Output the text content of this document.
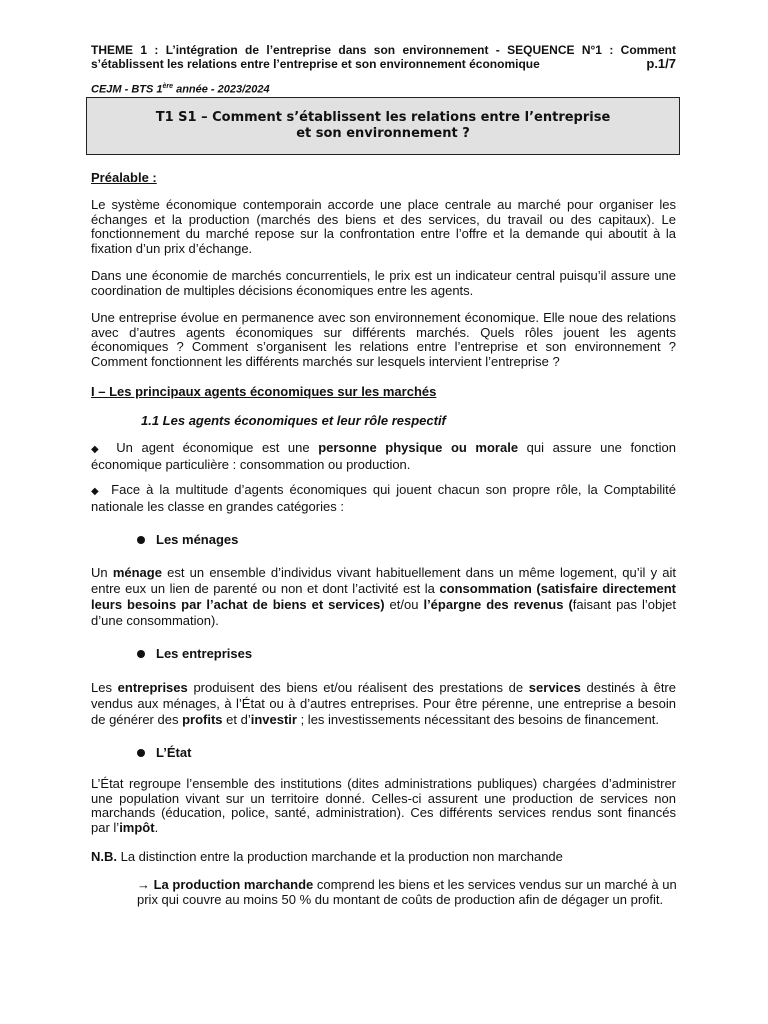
THEME 1 : L’intégration de l’entreprise dans son environnement - SEQUENCE N°1 : Comment
s’établissent les relations entre l’entreprise et son environnement économique	p.1/7
CEJM - BTS 1ère année - 2023/2024
T1 S1 – Comment s’établissent les relations entre l’entreprise et son environnement ?
Préalable :
Le système économique contemporain accorde une place centrale au marché pour organiser les échanges et la production (marchés des biens et des services, du travail ou des capitaux). Le fonctionnement du marché repose sur la confrontation entre l’offre et la demande qui aboutit à la fixation d’un prix d’échange.
Dans une économie de marchés concurrentiels, le prix est un indicateur central puisqu’il assure une coordination de multiples décisions économiques entre les agents.
Une entreprise évolue en permanence avec son environnement économique. Elle noue des relations avec d’autres agents économiques sur différents marchés. Quels rôles jouent les agents économiques ? Comment s’organisent les relations entre l’entreprise et son environnement ? Comment fonctionnent les différents marchés sur lesquels intervient l’entreprise ?
I – Les principaux agents économiques sur les marchés
1.1 Les agents économiques et leur rôle respectif
◆ Un agent économique est une personne physique ou morale qui assure une fonction économique particulière : consommation ou production.
◆ Face à la multitude d’agents économiques qui jouent chacun son propre rôle, la Comptabilité nationale les classe en grandes catégories :
Les ménages
Un ménage est un ensemble d’individus vivant habituellement dans un même logement, qu’il y ait entre eux un lien de parenté ou non et dont l’activité est la consommation (satisfaire directement leurs besoins par l’achat de biens et services) et/ou l’épargne des revenus (faisant pas l’objet d’une consommation).
Les entreprises
Les entreprises produisent des biens et/ou réalisent des prestations de services destinés à être vendus aux ménages, à l’État ou à d’autres entreprises. Pour être pérenne, une entreprise a besoin de générer des profits et d’investir ; les investissements nécessitant des besoins de financement.
L’État
L’État regroupe l’ensemble des institutions (dites administrations publiques) chargées d’administrer une population vivant sur un territoire donné. Celles-ci assurent une production de services non marchands (éducation, police, santé, administration). Ces différents services rendus sont financés par l’impôt.
N.B. La distinction entre la production marchande et la production non marchande
→ La production marchande comprend les biens et les services vendus sur un marché à un prix qui couvre au moins 50 % du montant de coûts de production afin de dégager un profit.
